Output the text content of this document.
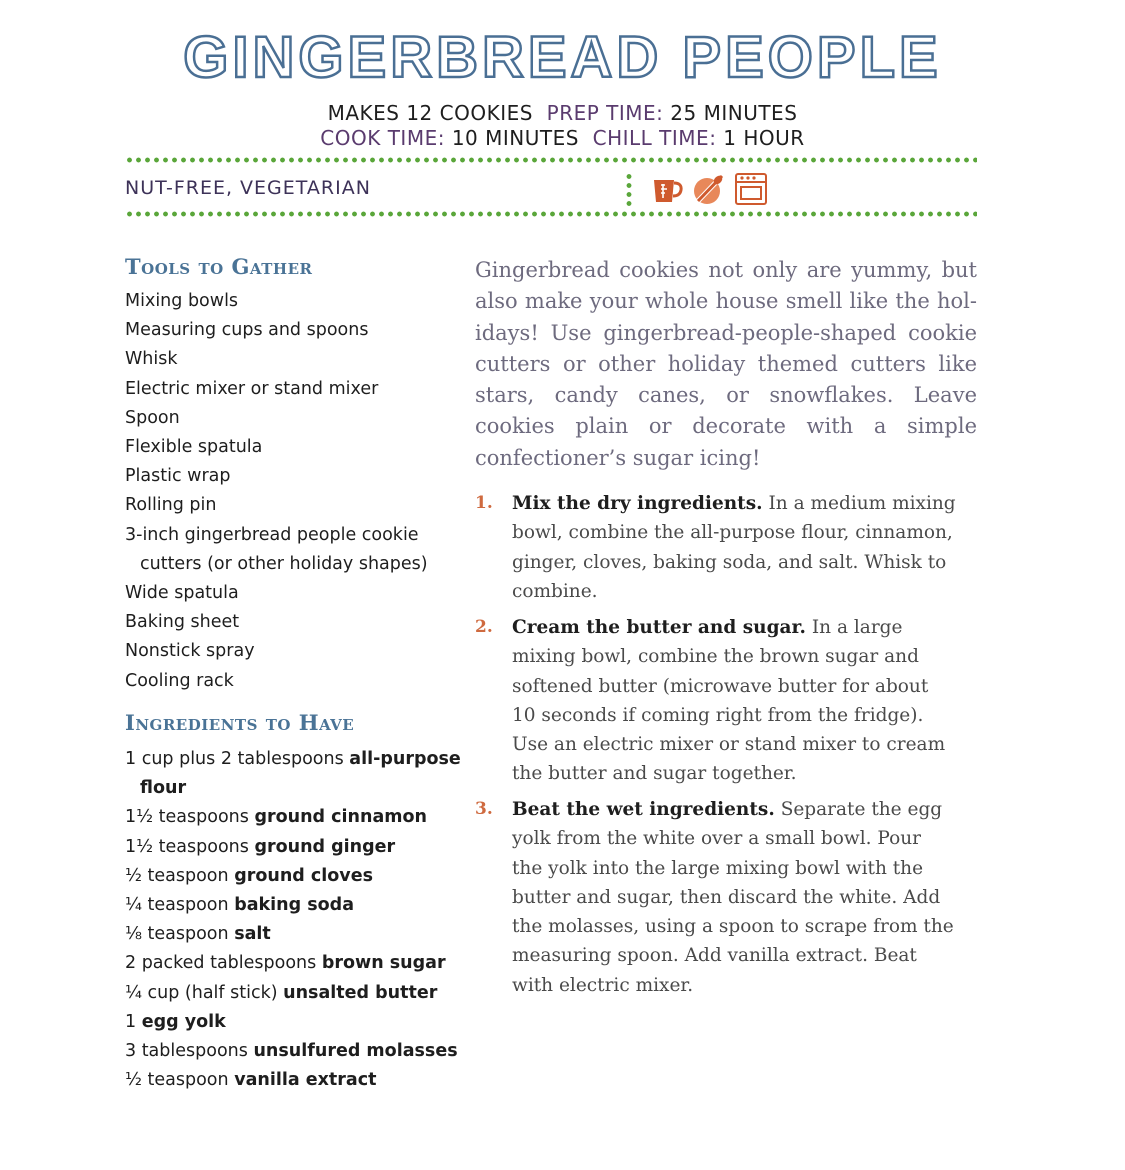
GINGERBREAD PEOPLE
MAKES 12 COOKIES PREP TIME: 25 MINUTES
COOK TIME: 10 MINUTES CHILL TIME: 1 HOUR
NUT-FREE, VEGETARIAN
Tools to Gather
Mixing bowls
Measuring cups and spoons
Whisk
Electric mixer or stand mixer
Spoon
Flexible spatula
Plastic wrap
Rolling pin
3-inch gingerbread people cookie cutters (or other holiday shapes)
Wide spatula
Baking sheet
Nonstick spray
Cooling rack
Ingredients to Have
1 cup plus 2 tablespoons all-purpose flour
1½ teaspoons ground cinnamon
1½ teaspoons ground ginger
½ teaspoon ground cloves
¼ teaspoon baking soda
⅛ teaspoon salt
2 packed tablespoons brown sugar
¼ cup (half stick) unsalted butter
1 egg yolk
3 tablespoons unsulfured molasses
½ teaspoon vanilla extract

Gingerbread cookies not only are yummy, but also make your whole house smell like the holidays! Use gingerbread-people-shaped cookie cutters or other holiday themed cutters like stars, candy canes, or snowflakes. Leave cookies plain or decorate with a simple confectioner’s sugar icing!

1. Mix the dry ingredients. In a medium mixing bowl, combine the all-purpose flour, cinnamon, ginger, cloves, baking soda, and salt. Whisk to combine.

2. Cream the butter and sugar. In a large mixing bowl, combine the brown sugar and softened butter (microwave butter for about 10 seconds if coming right from the fridge). Use an electric mixer or stand mixer to cream the butter and sugar together.

3. Beat the wet ingredients. Separate the egg yolk from the white over a small bowl. Pour the yolk into the large mixing bowl with the butter and sugar, then discard the white. Add the molasses, using a spoon to scrape from the measuring spoon. Add vanilla extract. Beat with electric mixer.
